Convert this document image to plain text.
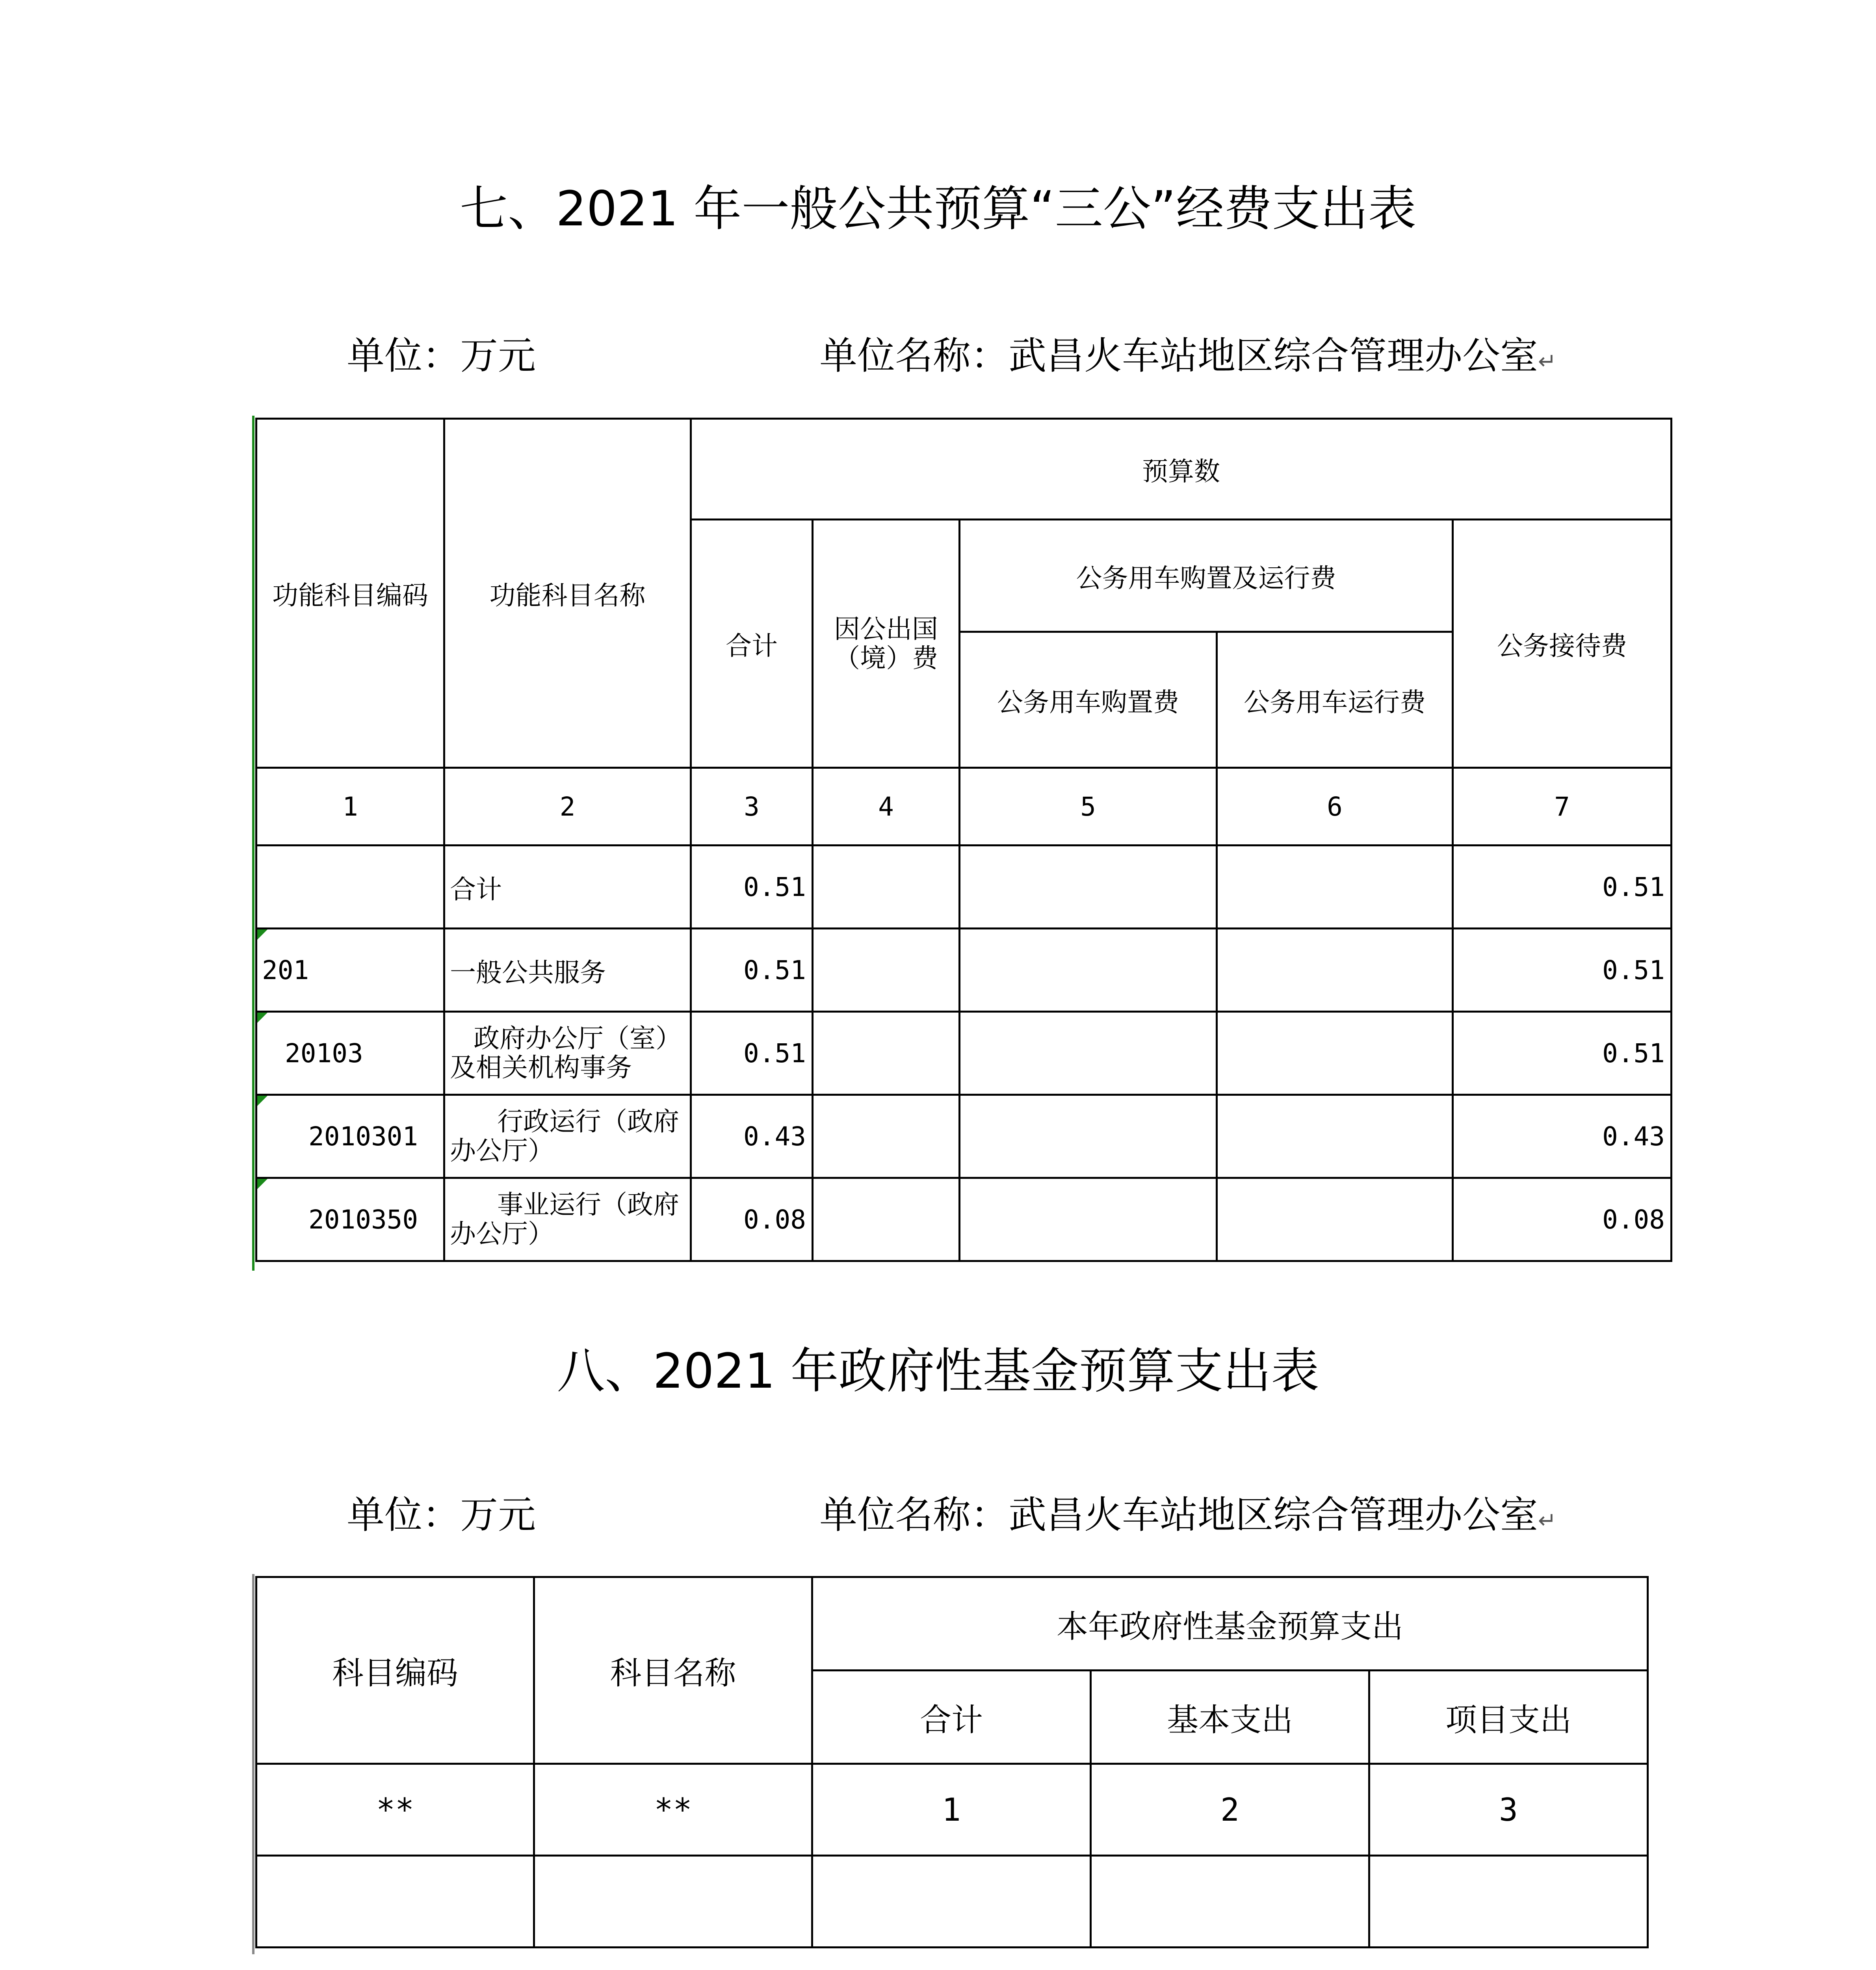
七、2021 年一般公共预算“三公”经费支出表
单位：万元	单位名称：武昌火车站地区综合管理办公室↵
功能科目编码	功能科目名称	预算数				
		合计	因公出国（境）费	公务用车购置及运行费		公务接待费
				公务用车购置费	公务用车运行费	
1	2	3	4	5	6	7
	合计	0.51				0.51
201	一般公共服务	0.51				0.51
20103	政府办公厅（室）及相关机构事务	0.51				0.51
2010301	行政运行（政府办公厅）	0.43				0.43
2010350	事业运行（政府办公厅）	0.08				0.08
八、2021 年政府性基金预算支出表
单位：万元	单位名称：武昌火车站地区综合管理办公室↵
科目编码	科目名称	本年政府性基金预算支出		
		合计	基本支出	项目支出
**	**	1	2	3
